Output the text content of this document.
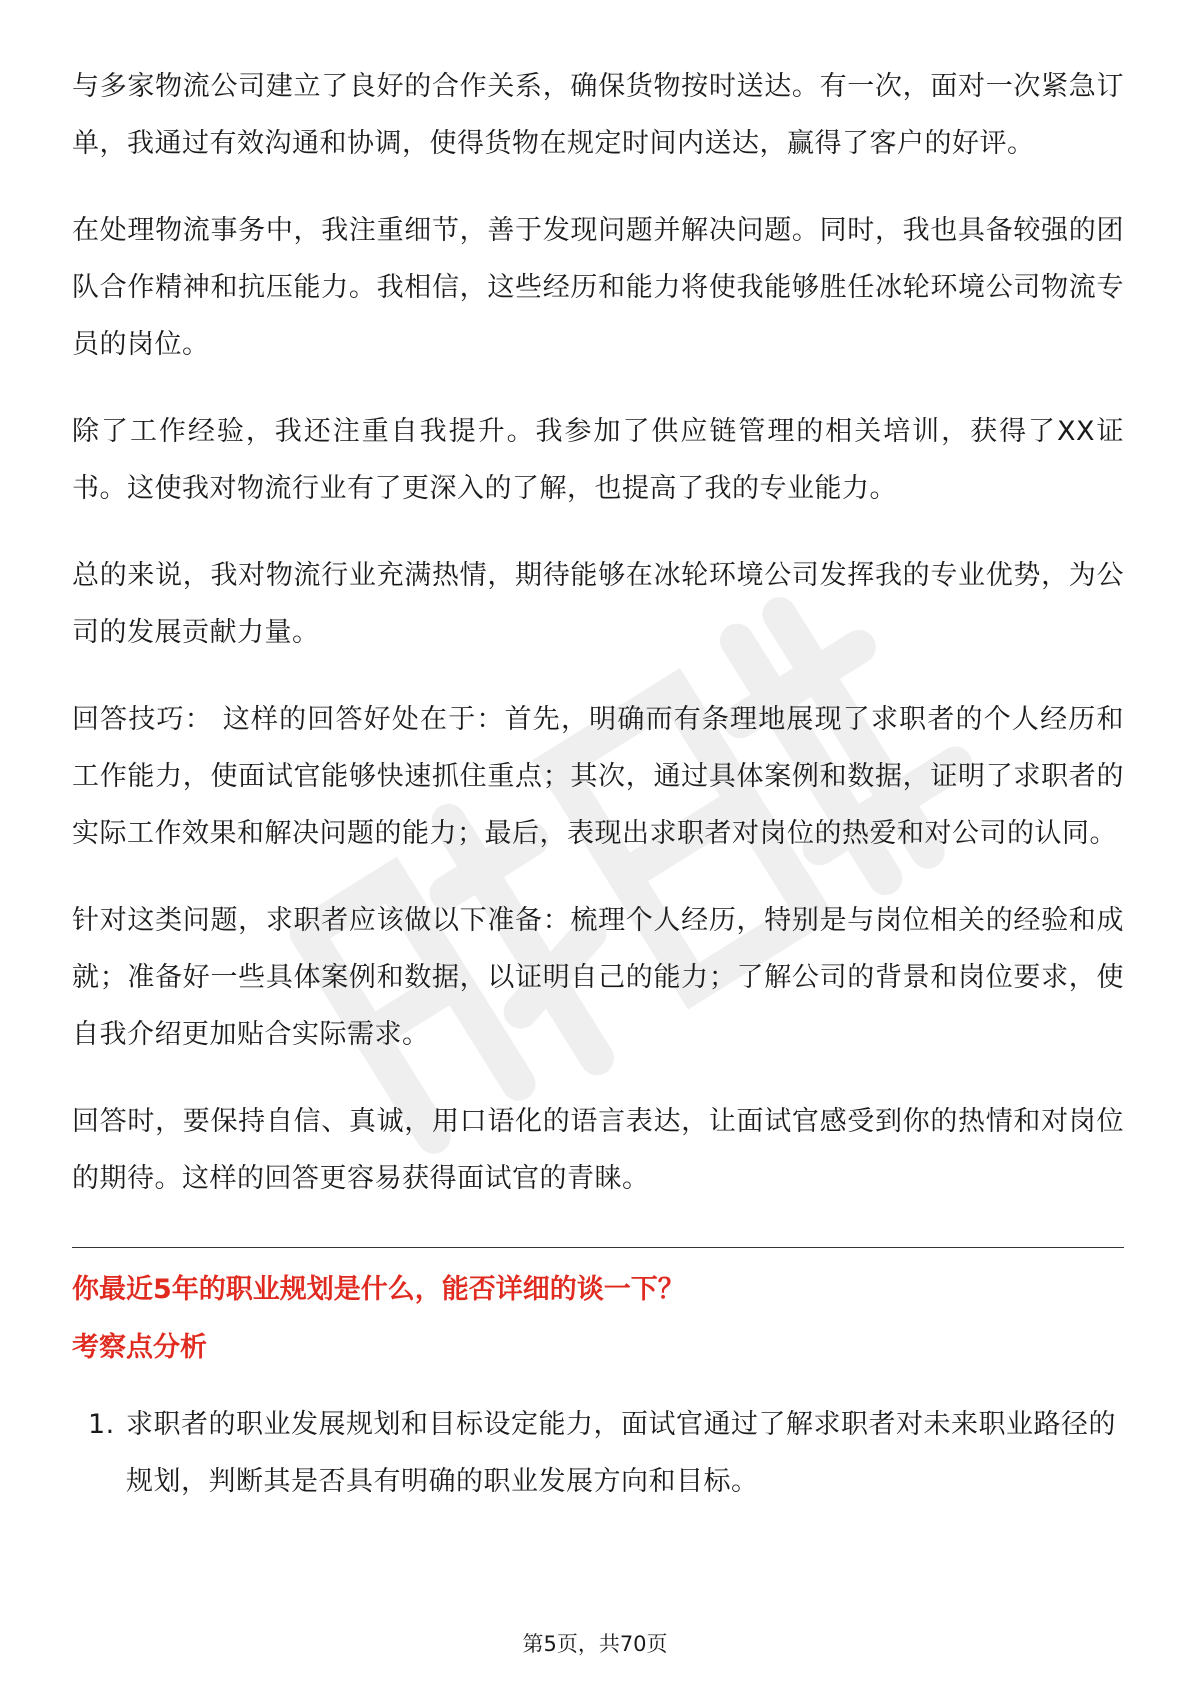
与多家物流公司建立了良好的合作关系，确保货物按时送达。有一次，面对一次紧急订单，我通过有效沟通和协调，使得货物在规定时间内送达，赢得了客户的好评。

在处理物流事务中，我注重细节，善于发现问题并解决问题。同时，我也具备较强的团队合作精神和抗压能力。我相信，这些经历和能力将使我能够胜任冰轮环境公司物流专员的岗位。

除了工作经验，我还注重自我提升。我参加了供应链管理的相关培训，获得了XX证书。这使我对物流行业有了更深入的了解，也提高了我的专业能力。

总的来说，我对物流行业充满热情，期待能够在冰轮环境公司发挥我的专业优势，为公司的发展贡献力量。

回答技巧： 这样的回答好处在于：首先，明确而有条理地展现了求职者的个人经历和工作能力，使面试官能够快速抓住重点；其次，通过具体案例和数据，证明了求职者的实际工作效果和解决问题的能力；最后，表现出求职者对岗位的热爱和对公司的认同。

针对这类问题，求职者应该做以下准备：梳理个人经历，特别是与岗位相关的经验和成就；准备好一些具体案例和数据，以证明自己的能力；了解公司的背景和岗位要求，使自我介绍更加贴合实际需求。

回答时，要保持自信、真诚，用口语化的语言表达，让面试官感受到你的热情和对岗位的期待。这样的回答更容易获得面试官的青睐。

你最近5年的职业规划是什么，能否详细的谈一下？
考察点分析
1. 求职者的职业发展规划和目标设定能力，面试官通过了解求职者对未来职业路径的规划，判断其是否具有明确的职业发展方向和目标。
第5页，共70页
